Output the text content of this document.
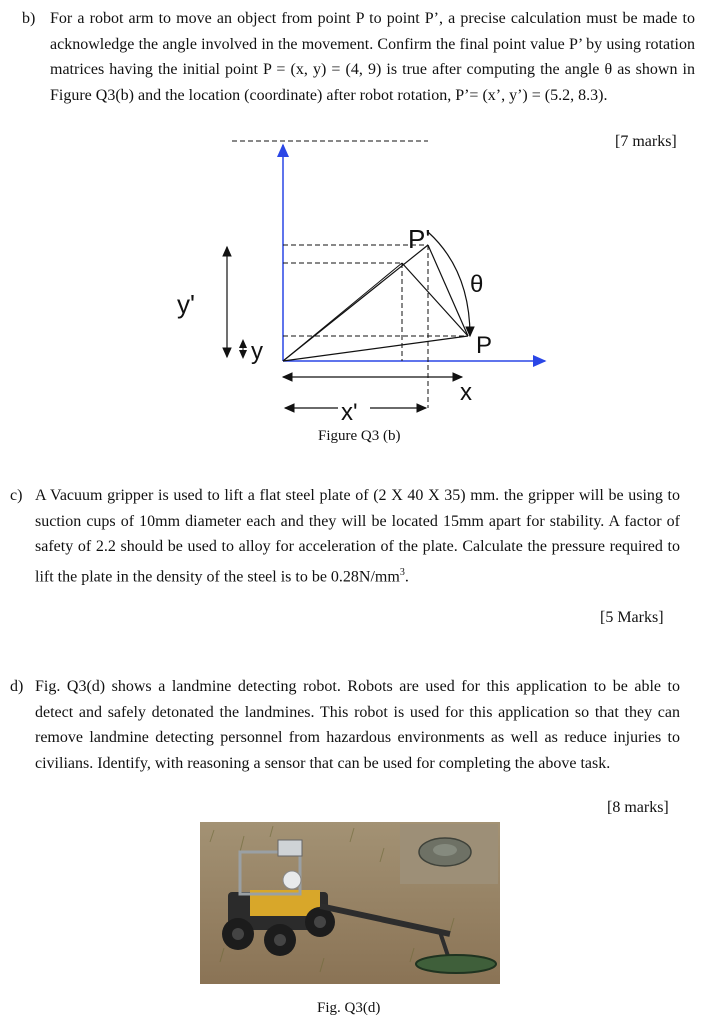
b) For a robot arm to move an object from point P to point P’, a precise calculation must be made to acknowledge the angle involved in the movement. Confirm the final point value P’ by using rotation matrices having the initial point P = (x, y) = (4, 9) is true after computing the angle θ as shown in Figure Q3(b) and the location (coordinate) after robot rotation, P’= (x’, y’) = (5.2, 8.3).
[7 marks]
P'
P
θ
y'
y
x
x'
Figure Q3 (b)
c) A Vacuum gripper is used to lift a flat steel plate of (2 X 40 X 35) mm. the gripper will be using to suction cups of 10mm diameter each and they will be located 15mm apart for stability. A factor of safety of 2.2 should be used to alloy for acceleration of the plate. Calculate the pressure required to lift the plate in the density of the steel is to be $0.28N/mm^3$.
[5 Marks]
d) Fig. Q3(d) shows a landmine detecting robot. Robots are used for this application to be able to detect and safely detonated the landmines. This robot is used for this application so that they can remove landmine detecting personnel from hazardous environments as well as reduce injuries to civilians. Identify, with reasoning a sensor that can be used for completing the above task.
[8 marks]
Fig. Q3(d)
